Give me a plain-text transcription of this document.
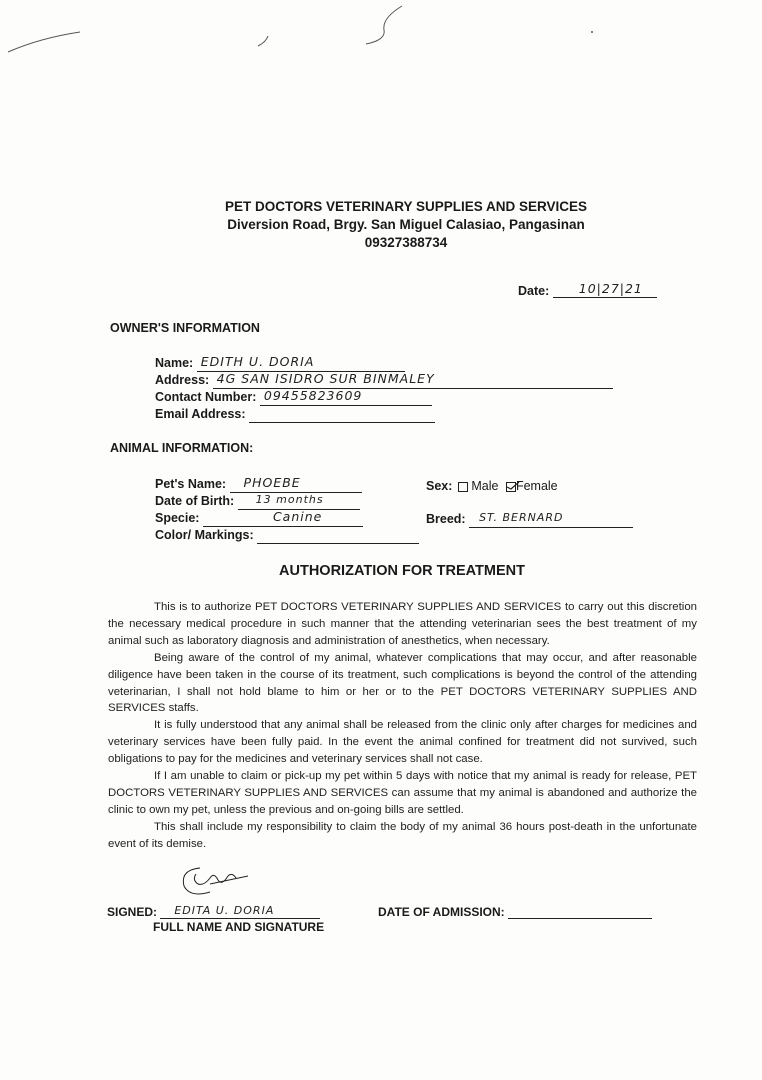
PET DOCTORS VETERINARY SUPPLIES AND SERVICES
Diversion Road, Brgy. San Miguel Calasiao, Pangasinan
09327388734
Date: 10|27|21
OWNER'S INFORMATION
Name: EDITH U. DORIA
Address: 4G SAN ISIDRO SUR BINMALEY
Contact Number: 09455823609
Email Address:
ANIMAL INFORMATION:
Pet's Name: PHOEBE
Date of Birth: 13 months
Specie:	Canine
Color/ Markings:
Sex: Male Female
Breed: ST. BERNARD
AUTHORIZATION FOR TREATMENT

This is to authorize PET DOCTORS VETERINARY SUPPLIES AND SERVICES to carry out this discretion the necessary medical procedure in such manner that the attending veterinarian sees the best treatment of my animal such as laboratory diagnosis and administration of anesthetics, when necessary.

Being aware of the control of my animal, whatever complications that may occur, and after reasonable diligence have been taken in the course of its treatment, such complications is beyond the control of the attending veterinarian, I shall not hold blame to him or her or to the PET DOCTORS VETERINARY SUPPLIES AND SERVICES staffs.

It is fully understood that any animal shall be released from the clinic only after charges for medicines and veterinary services have been fully paid. In the event the animal confined for treatment did not survived, such obligations to pay for the medicines and veterinary services shall not case.

If I am unable to claim or pick-up my pet within 5 days with notice that my animal is ready for release, PET DOCTORS VETERINARY SUPPLIES AND SERVICES can assume that my animal is abandoned and authorize the clinic to own my pet, unless the previous and on-going bills are settled.

This shall include my responsibility to claim the body of my animal 36 hours post-death in the unfortunate event of its demise.

SIGNED: EDITA U. DORIA
FULL NAME AND SIGNATURE
DATE OF ADMISSION:
